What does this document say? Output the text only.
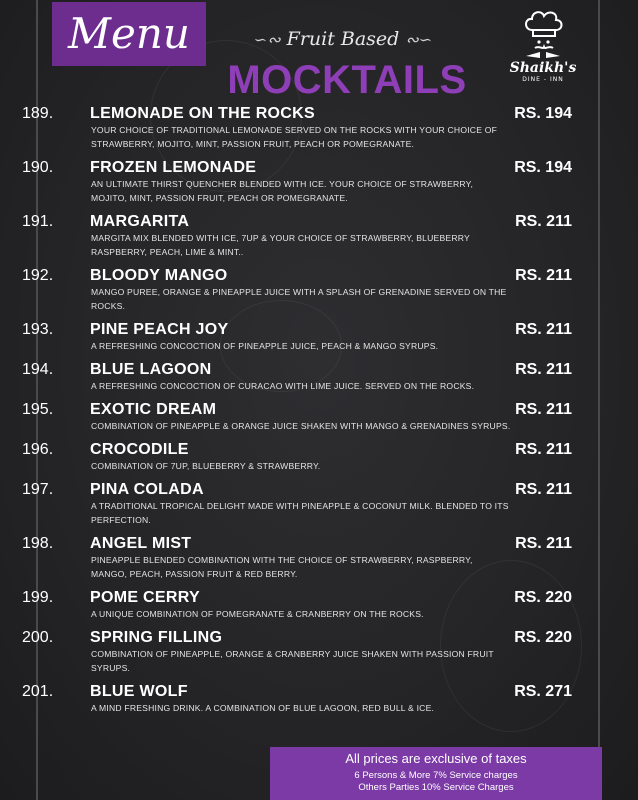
Menu	∽∾ Fruit Based ∾∽
MOCKTAILS	Shaikh's
DINE - INN
189.	LEMONADE ON THE ROCKS	RS. 194
YOUR CHOICE OF TRADITIONAL LEMONADE SERVED ON THE ROCKS WITH YOUR CHOICE OF STRAWBERRY, MOJITO, MINT, PASSION FRUIT, PEACH OR POMEGRANATE.
190.	FROZEN LEMONADE	RS. 194
AN ULTIMATE THIRST QUENCHER BLENDED WITH ICE. YOUR CHOICE OF STRAWBERRY, MOJITO, MINT, PASSION FRUIT, PEACH OR POMEGRANATE.
191.	MARGARITA	RS. 211
MARGITA MIX BLENDED WITH ICE, 7UP & YOUR CHOICE OF STRAWBERRY, BLUEBERRY RASPBERRY, PEACH, LIME & MINT..
192.	BLOODY MANGO	RS. 211
MANGO PUREE, ORANGE & PINEAPPLE JUICE WITH A SPLASH OF GRENADINE SERVED ON THE ROCKS.
193.	PINE PEACH JOY	RS. 211
A REFRESHING CONCOCTION OF PINEAPPLE JUICE, PEACH & MANGO SYRUPS.
194.	BLUE LAGOON	RS. 211
A REFRESHING CONCOCTION OF CURACAO WITH LIME JUICE. SERVED ON THE ROCKS.
195.	EXOTIC DREAM	RS. 211
COMBINATION OF PINEAPPLE & ORANGE JUICE SHAKEN WITH MANGO & GRENADINES SYRUPS.
196.	CROCODILE	RS. 211
COMBINATION OF 7UP, BLUEBERRY & STRAWBERRY.
197.	PINA COLADA	RS. 211
A TRADITIONAL TROPICAL DELIGHT MADE WITH PINEAPPLE & COCONUT MILK. BLENDED TO ITS PERFECTION.
198.	ANGEL MIST	RS. 211
PINEAPPLE BLENDED COMBINATION WITH THE CHOICE OF STRAWBERRY, RASPBERRY, MANGO, PEACH, PASSION FRUIT & RED BERRY.
199.	POME CERRY	RS. 220
A UNIQUE COMBINATION OF POMEGRANATE & CRANBERRY ON THE ROCKS.
200.	SPRING FILLING	RS. 220
COMBINATION OF PINEAPPLE, ORANGE & CRANBERRY JUICE SHAKEN WITH PASSION FRUIT SYRUPS.
201.	BLUE WOLF	RS. 271
A MIND FRESHING DRINK. A COMBINATION OF BLUE LAGOON, RED BULL & ICE.
All prices are exclusive of taxes
6 Persons & More 7% Service charges
Others Parties 10% Service Charges
